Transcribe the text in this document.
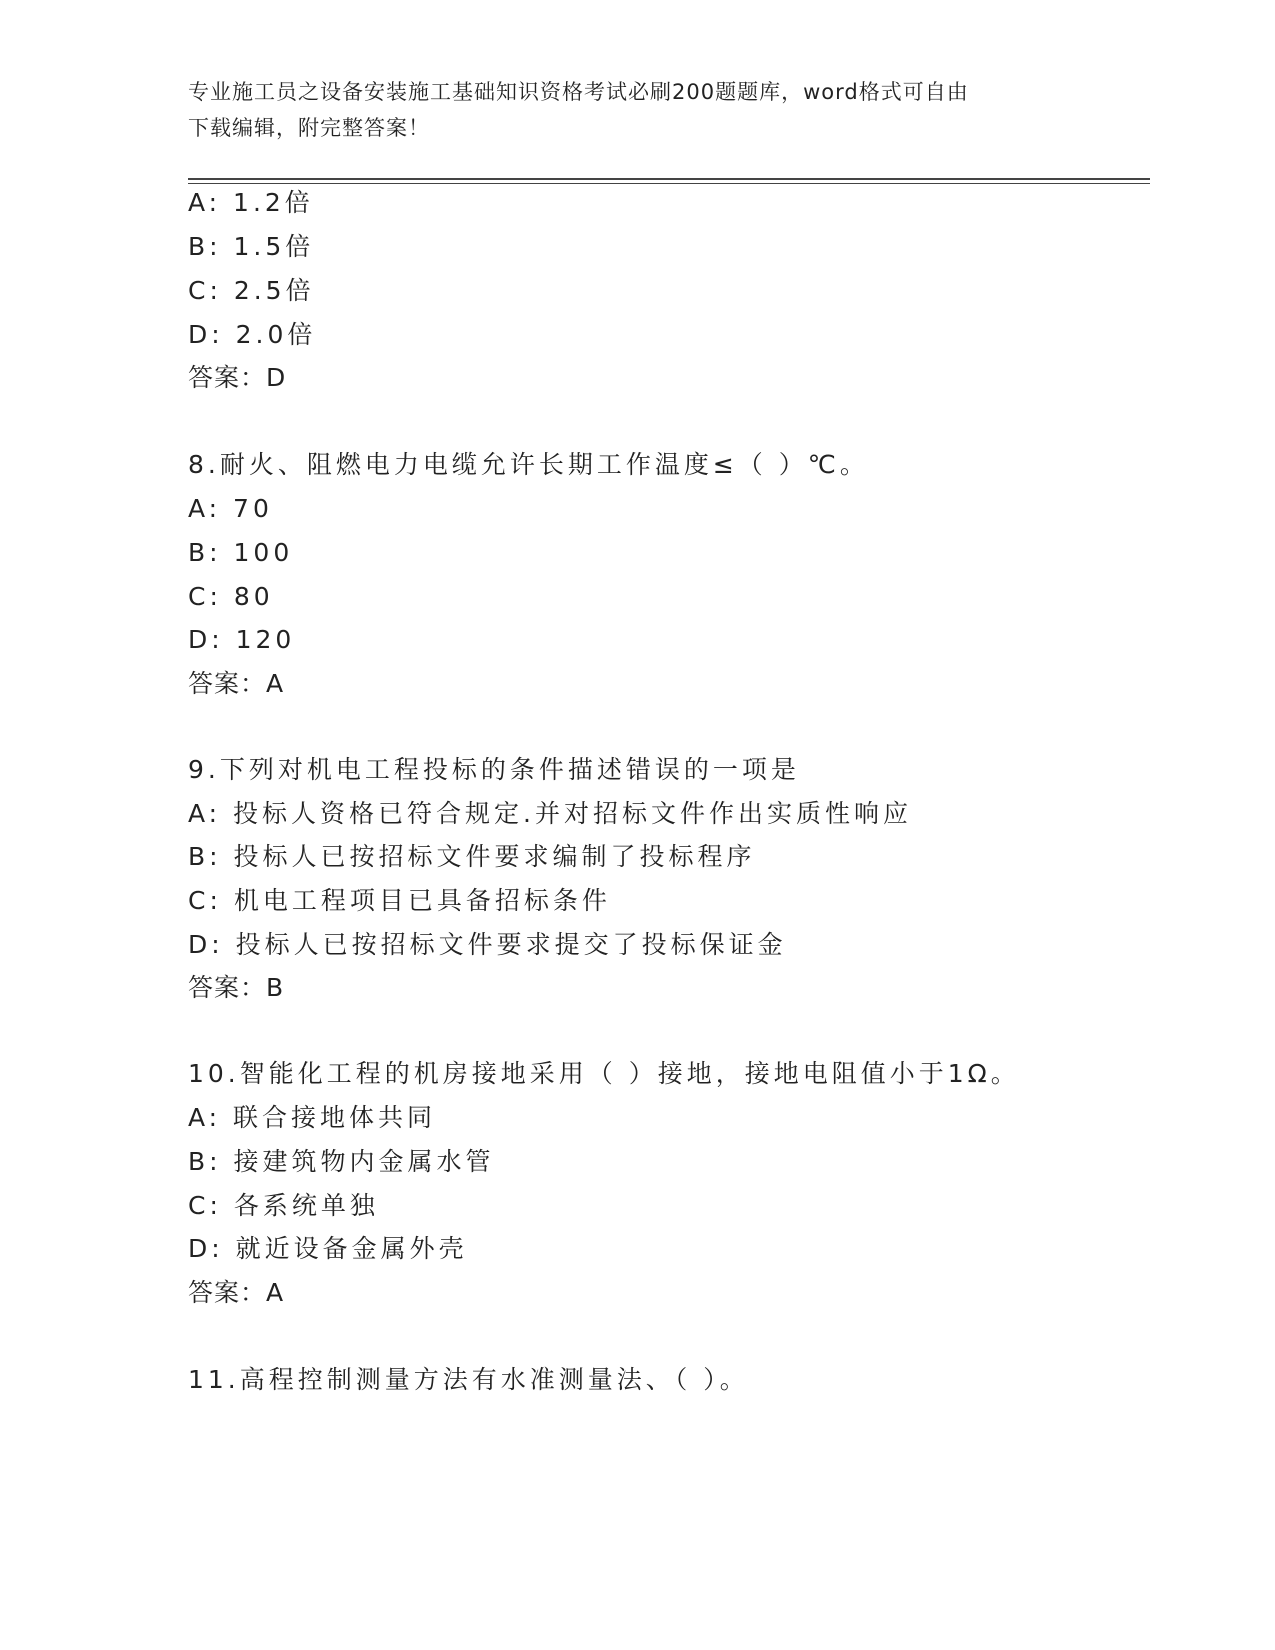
专业施工员之设备安装施工基础知识资格考试必刷200题题库，word格式可自由
下载编辑，附完整答案！
A: 1.2倍
B: 1.5倍
C: 2.5倍
D: 2.0倍
答案：D
8.耐火、阻燃电力电缆允许长期工作温度≤（ ）℃。
A: 70
B: 100
C: 80
D: 120
答案：A
9.下列对机电工程投标的条件描述错误的一项是
A: 投标人资格已符合规定.并对招标文件作出实质性响应
B: 投标人已按招标文件要求编制了投标程序
C: 机电工程项目已具备招标条件
D: 投标人已按招标文件要求提交了投标保证金
答案：B
10.智能化工程的机房接地采用（ ）接地，接地电阻值小于1Ω。
A: 联合接地体共同
B: 接建筑物内金属水管
C: 各系统单独
D: 就近设备金属外壳
答案：A
11.高程控制测量方法有水准测量法、（ ）。
